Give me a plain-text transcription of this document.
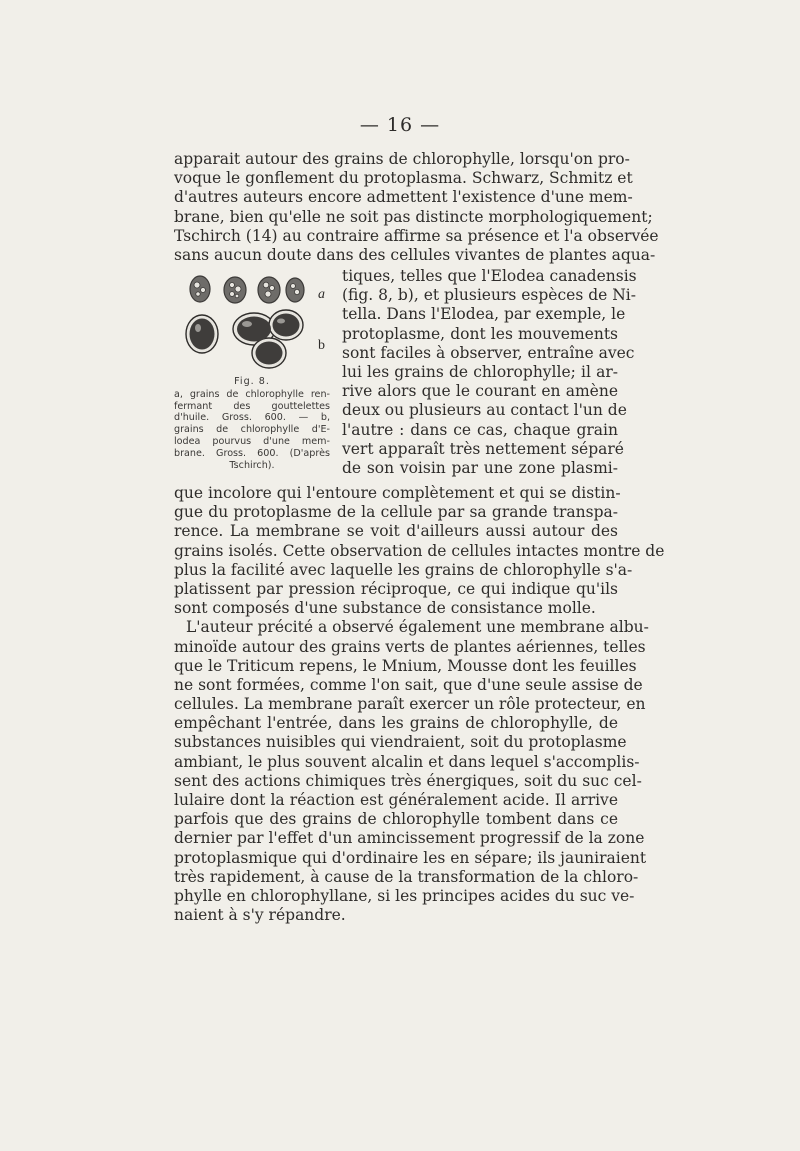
— 16 —
apparait autour des grains de chlorophylle, lorsqu'on pro-
voque le gonflement du protoplasma. Schwarz, Schmitz et
d'autres auteurs encore admettent l'existence d'une mem-
brane, bien qu'elle ne soit pas distincte morphologiquement;
Tschirch (14) au contraire affirme sa présence et l'a observée
sans aucun doute dans des cellules vivantes de plantes aqua-
a
b
Fig. 8.
a, grains de chlorophylle ren-
fermant des gouttelettes
d'huile. Gross. 600. — b,
grains de chlorophylle d'E-
lodea pourvus d'une mem-
brane. Gross. 600. (D'après
Tschirch).
tiques, telles que l'Elodea canadensis
(fig. 8, b), et plusieurs espèces de Ni-
tella. Dans l'Elodea, par exemple, le
protoplasme, dont les mouvements
sont faciles à observer, entraîne avec
lui les grains de chlorophylle; il ar-
rive alors que le courant en amène
deux ou plusieurs au contact l'un de
l'autre : dans ce cas, chaque grain
vert apparaît très nettement séparé
de son voisin par une zone plasmi-
que incolore qui l'entoure complètement et qui se distin-
gue du protoplasme de la cellule par sa grande transpa-
rence. La membrane se voit d'ailleurs aussi autour des
grains isolés. Cette observation de cellules intactes montre de
plus la facilité avec laquelle les grains de chlorophylle s'a-
platissent par pression réciproque, ce qui indique qu'ils
sont composés d'une substance de consistance molle.
L'auteur précité a observé également une membrane albu-
minoïde autour des grains verts de plantes aériennes, telles
que le Triticum repens, le Mnium, Mousse dont les feuilles
ne sont formées, comme l'on sait, que d'une seule assise de
cellules. La membrane paraît exercer un rôle protecteur, en
empêchant l'entrée, dans les grains de chlorophylle, de
substances nuisibles qui viendraient, soit du protoplasme
ambiant, le plus souvent alcalin et dans lequel s'accomplis-
sent des actions chimiques très énergiques, soit du suc cel-
lulaire dont la réaction est généralement acide. Il arrive
parfois que des grains de chlorophylle tombent dans ce
dernier par l'effet d'un amincissement progressif de la zone
protoplasmique qui d'ordinaire les en sépare; ils jauniraient
très rapidement, à cause de la transformation de la chloro-
phylle en chlorophyllane, si les principes acides du suc ve-
naient à s'y répandre.
